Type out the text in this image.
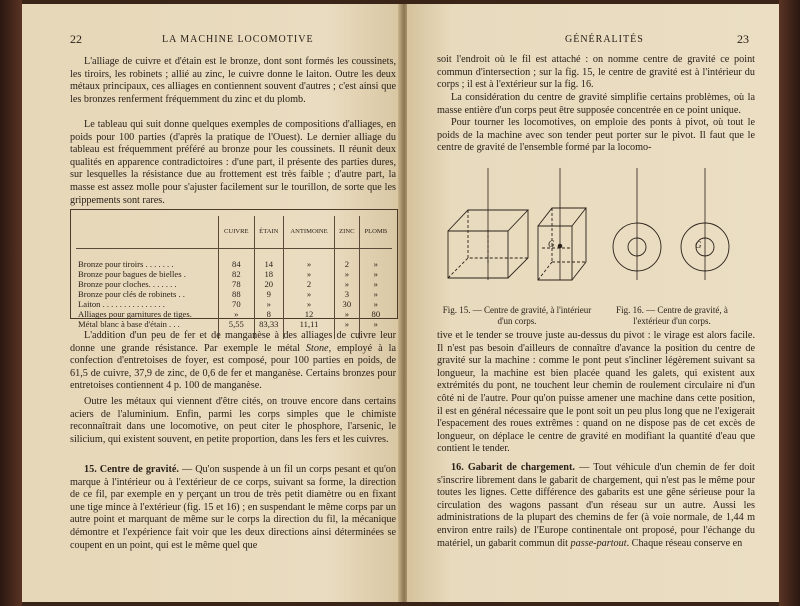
22	LA MACHINE LOCOMOTIVE

L'alliage de cuivre et d'étain est le bronze, dont sont formés les coussinets, les tiroirs, les robinets ; allié au zinc, le cuivre donne le laiton. Outre les deux métaux principaux, ces alliages en contiennent souvent d'autres ; c'est ainsi que les bronzes renferment fréquemment du zinc et du plomb.

Le tableau qui suit donne quelques exemples de compositions d'alliages, en poids pour 100 parties (d'après la pratique de l'Ouest). Le dernier alliage du tableau est fréquemment préféré au bronze pour les coussinets. Il réunit deux qualités en apparence contradictoires : d'une part, il présente des parties dures, sur lesquelles la résistance due au frottement est très faible ; d'autre part, la masse est assez molle pour s'ajuster facilement sur le tourillon, de sorte que les grippements sont rares.

	CUIVRE	ÉTAIN	ANTIMOINE	ZINC	PLOMB

Bronze pour tiroirs . . . . . . .	84	14	»	2	»
Bronze pour bagues de bielles .	82	18	»	»	»
Bronze pour cloches. . . . . . .	78	20	2	»	»
Bronze pour clés de robinets . .	88	9	»	3	»
Laiton . . . . . . . . . . . . . . .	70	»	»	30	»
Alliages pour garnitures de tiges.	»	8	12	»	80
Métal blanc à base d'étain . . .	5,55	83,33	11,11	»	»

L'addition d'un peu de fer et de manganèse à des alliages de cuivre leur donne une grande résistance. Par exemple le métal Stone, employé à la confection d'entretoises de foyer, est composé, pour 100 parties en poids, de 61,5 de cuivre, 37,9 de zinc, de 0,6 de fer et manganèse. Certains bronzes pour entretoises contiennent 4 p. 100 de manganèse.

Outre les métaux qui viennent d'être cités, on trouve encore dans certains aciers de l'aluminium. Enfin, parmi les corps simples que le chimiste reconnaîtrait dans une locomotive, on peut citer le phosphore, l'arsenic, le silicium, qui existent souvent, en petite proportion, dans les fers et les cuivres.

15. Centre de gravité. — Qu'on suspende à un fil un corps pesant et qu'on marque à l'intérieur ou à l'extérieur de ce corps, suivant sa forme, la direction de ce fil, par exemple en y perçant un trou de très petit diamètre ou en fixant une tige mince à l'extérieur (fig. 15 et 16) ; en suspendant le même corps par un autre point et marquant de même sur le corps la direction du fil, la mécanique démontre et l'expérience fait voir que les deux directions ainsi déterminées se coupent en un point, qui est le même quel que

GÉNÉRALITÉS	23

soit l'endroit où le fil est attaché : on nomme centre de gravité ce point commun d'intersection ; sur la fig. 15, le centre de gravité est à l'intérieur du corps ; il est à l'extérieur sur la fig. 16.

La considération du centre de gravité simplifie certains problèmes, où la masse entière d'un corps peut être supposée concentrée en ce point unique.

Pour tourner les locomotives, on emploie des ponts à pivot, où tout le poids de la machine avec son tender peut porter sur le pivot. Il faut que le centre de gravité de l'ensemble formé par la locomo-

Fig. 15. — Centre de gravité, à l'intérieur d'un corps.

Fig. 16. — Centre de gravité, à l'extérieur d'un corps.

tive et le tender se trouve juste au-dessus du pivot : le virage est alors facile. Il n'est pas besoin d'ailleurs de connaître d'avance la position du centre de gravité sur la machine : comme le pont peut s'incliner légèrement suivant sa longueur, la machine est bien placée quand les galets, qui existent aux extrémités du pont, ne touchent leur chemin de roulement circulaire ni d'un côté ni de l'autre. Pour qu'on puisse amener une machine dans cette position, il est en général nécessaire que le pont soit un peu plus long que ne l'exigerait l'espacement des roues extrêmes : quand on ne dispose pas de cet excès de longueur, on déplace le centre de gravité en modifiant la quantité d'eau que contient le tender.

16. Gabarit de chargement. — Tout véhicule d'un chemin de fer doit s'inscrire librement dans le gabarit de chargement, qui n'est pas le même pour toutes les lignes. Cette différence des gabarits est une gêne sérieuse pour la circulation des wagons passant d'un réseau sur un autre. Aussi les administrations de la plupart des chemins de fer (à voie normale, de 1,44 m environ entre rails) de l'Europe continentale ont proposé, pour l'échange du matériel, un gabarit commun dit passe-partout. Chaque réseau conserve en

G	G
